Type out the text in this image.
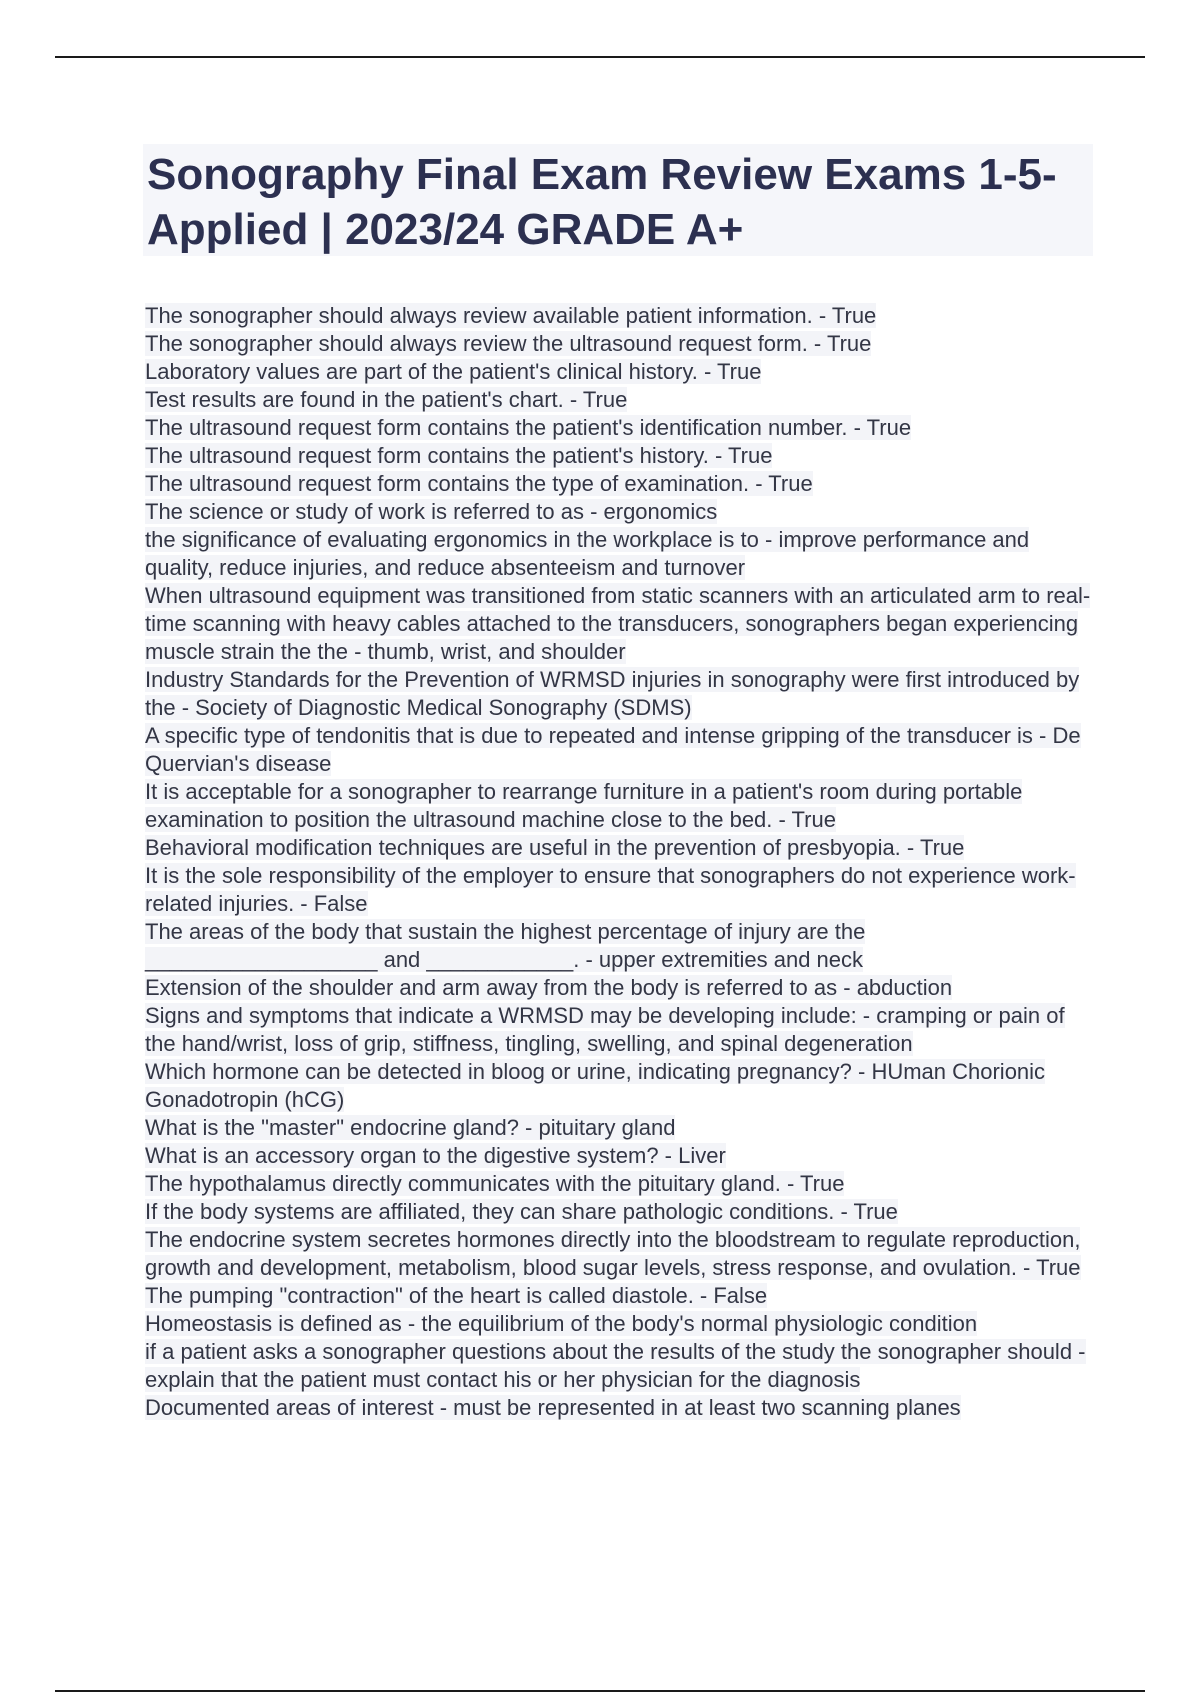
Sonography Final Exam Review Exams 1-5- Applied | 2023/24 GRADE A+

The sonographer should always review available patient information. - True

The sonographer should always review the ultrasound request form. - True

Laboratory values are part of the patient's clinical history. - True

Test results are found in the patient's chart. - True

The ultrasound request form contains the patient's identification number. - True

The ultrasound request form contains the patient's history. - True

The ultrasound request form contains the type of examination. - True

The science or study of work is referred to as - ergonomics

the significance of evaluating ergonomics in the workplace is to - improve performance and quality, reduce injuries, and reduce absenteeism and turnover

When ultrasound equipment was transitioned from static scanners with an articulated arm to real-time scanning with heavy cables attached to the transducers, sonographers began experiencing muscle strain the the - thumb, wrist, and shoulder

Industry Standards for the Prevention of WRMSD injuries in sonography were first introduced by the - Society of Diagnostic Medical Sonography (SDMS)

A specific type of tendonitis that is due to repeated and intense gripping of the transducer is - De Quervian's disease

It is acceptable for a sonographer to rearrange furniture in a patient's room during portable examination to position the ultrasound machine close to the bed. - True

Behavioral modification techniques are useful in the prevention of presbyopia. - True

It is the sole responsibility of the employer to ensure that sonographers do not experience work-related injuries. - False

The areas of the body that sustain the highest percentage of injury are the ___________________ and ____________. - upper extremities and neck

Extension of the shoulder and arm away from the body is referred to as - abduction

Signs and symptoms that indicate a WRMSD may be developing include: - cramping or pain of the hand/wrist, loss of grip, stiffness, tingling, swelling, and spinal degeneration

Which hormone can be detected in bloog or urine, indicating pregnancy? - HUman Chorionic Gonadotropin (hCG)

What is the "master" endocrine gland? - pituitary gland

What is an accessory organ to the digestive system? - Liver

The hypothalamus directly communicates with the pituitary gland. - True

If the body systems are affiliated, they can share pathologic conditions. - True

The endocrine system secretes hormones directly into the bloodstream to regulate reproduction, growth and development, metabolism, blood sugar levels, stress response, and ovulation. - True

The pumping "contraction" of the heart is called diastole. - False

Homeostasis is defined as - the equilibrium of the body's normal physiologic condition

if a patient asks a sonographer questions about the results of the study the sonographer should - explain that the patient must contact his or her physician for the diagnosis

Documented areas of interest - must be represented in at least two scanning planes
